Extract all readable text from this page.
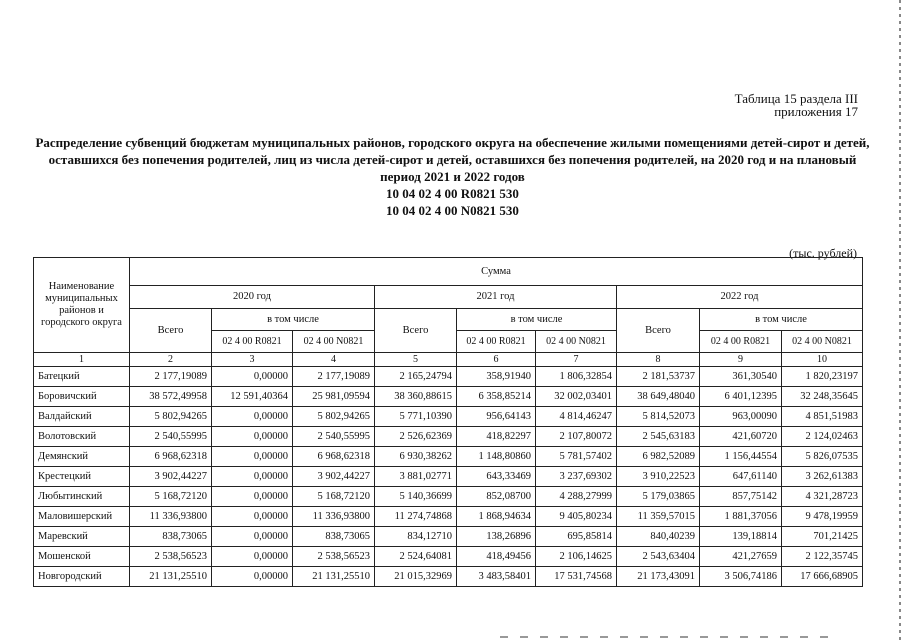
Таблица 15 раздела III
приложения 17
Распределение субвенций бюджетам муниципальных районов, городского округа на обеспечение жилыми помещениями детей-сирот и детей, оставшихся без попечения родителей, лиц из числа детей-сирот и детей, оставшихся без попечения родителей, на 2020 год и на плановый период 2021 и 2022 годов
10 04 02 4 00 R0821 530
10 04 02 4 00 N0821 530
(тыс. рублей)
Наименование муниципальных районов и городского округа	Сумма								
	2020 год			2021 год			2022 год		
	Всего	в том числе		Всего	в том числе		Всего	в том числе	
		02 4 00 R0821	02 4 00 N0821		02 4 00 R0821	02 4 00 N0821		02 4 00 R0821	02 4 00 N0821
1	2	3	4	5	6	7	8	9	10
Батецкий	2 177,19089	0,00000	2 177,19089	2 165,24794	358,91940	1 806,32854	2 181,53737	361,30540	1 820,23197
Боровичский	38 572,49958	12 591,40364	25 981,09594	38 360,88615	6 358,85214	32 002,03401	38 649,48040	6 401,12395	32 248,35645
Валдайский	5 802,94265	0,00000	5 802,94265	5 771,10390	956,64143	4 814,46247	5 814,52073	963,00090	4 851,51983
Волотовский	2 540,55995	0,00000	2 540,55995	2 526,62369	418,82297	2 107,80072	2 545,63183	421,60720	2 124,02463
Демянский	6 968,62318	0,00000	6 968,62318	6 930,38262	1 148,80860	5 781,57402	6 982,52089	1 156,44554	5 826,07535
Крестецкий	3 902,44227	0,00000	3 902,44227	3 881,02771	643,33469	3 237,69302	3 910,22523	647,61140	3 262,61383
Любытинский	5 168,72120	0,00000	5 168,72120	5 140,36699	852,08700	4 288,27999	5 179,03865	857,75142	4 321,28723
Маловишерский	11 336,93800	0,00000	11 336,93800	11 274,74868	1 868,94634	9 405,80234	11 359,57015	1 881,37056	9 478,19959
Маревский	838,73065	0,00000	838,73065	834,12710	138,26896	695,85814	840,40239	139,18814	701,21425
Мошенской	2 538,56523	0,00000	2 538,56523	2 524,64081	418,49456	2 106,14625	2 543,63404	421,27659	2 122,35745
Новгородский	21 131,25510	0,00000	21 131,25510	21 015,32969	3 483,58401	17 531,74568	21 173,43091	3 506,74186	17 666,68905
